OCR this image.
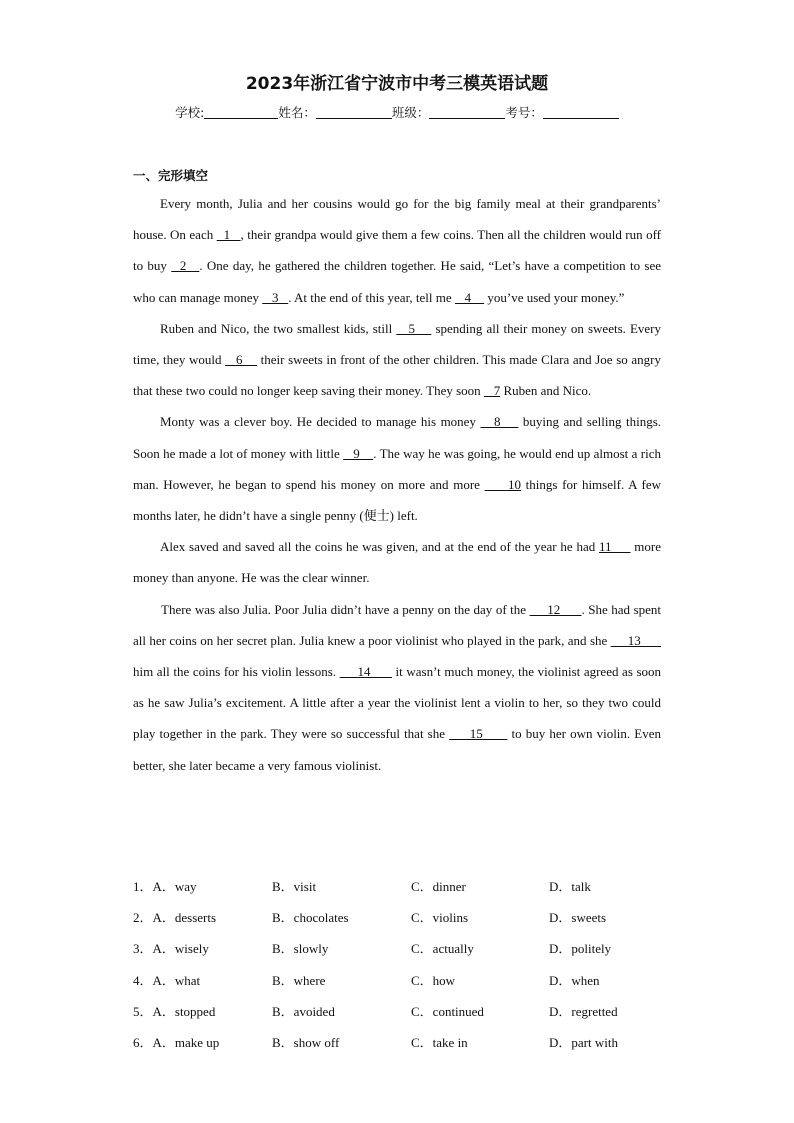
2023年浙江省宁波市中考三模英语试题
学校:	姓名：	班级：	考号：
一、完形填空

Every month, Julia and her cousins would go for the big family meal at their grandparents’ house. On each   1   , their grandpa would give them a few coins. Then all the children would run off to buy   2   . One day, he gathered the children together. He said, “Let’s have a competition to see who can manage money    3   . At the end of this year, tell me    4     you’ve used your money.”

Ruben and Nico, the two smallest kids, still    5     spending all their money on sweets. Every time, they would    6     their sweets in front of the other children. This made Clara and Joe so angry that these two could no longer keep saving their money. They soon    7 Ruben and Nico.

Monty was a clever boy. He decided to manage his money    8     buying and selling things. Soon he made a lot of money with little    9    . The way he was going, he would end up almost a rich man. However, he began to spend his money on more and more      10 things for himself. A few months later, he didn’t have a single penny (便士) left.

Alex saved and saved all the coins he was given, and at the end of the year he had 11      more money than anyone. He was the clear winner.

There was also Julia. Poor Julia didn’t have a penny on the day of the      12      . She had spent all her coins on her secret plan. Julia knew a poor violinist who played in the park, and she      13       him all the coins for his violin lessons.      14       it wasn’t much money, the violinist agreed as soon as he saw Julia’s excitement. A little after a year the violinist lent a violin to her, so they two could play together in the park. They were so successful that she      15       to buy her own violin. Even better, she later became a very famous violinist.

1．A．way	B．visit	C．dinner	D．talk
2．A．desserts	B．chocolates	C．violins	D．sweets
3．A．wisely	B．slowly	C．actually	D．politely
4．A．what	B．where	C．how	D．when
5．A．stopped	B．avoided	C．continued	D．regretted
6．A．make up	B．show off	C．take in	D．part with
